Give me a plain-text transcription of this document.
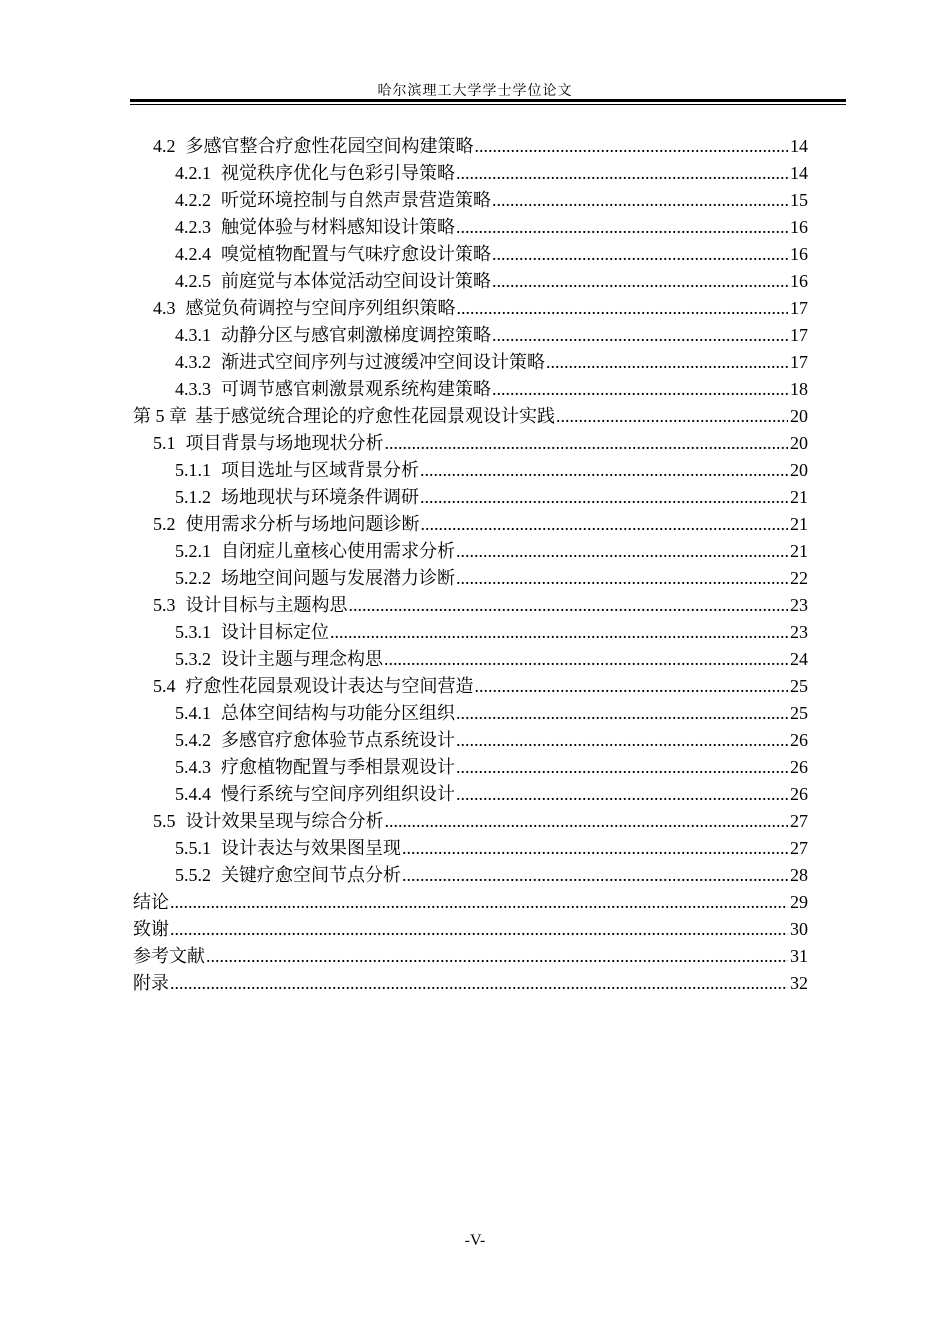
哈尔滨理工大学学士学位论文
4.2 多感官整合疗愈性花园空间构建策略 .....	14
4.2.1 视觉秩序优化与色彩引导策略 .....	14
4.2.2 听觉环境控制与自然声景营造策略 .....	15
4.2.3 触觉体验与材料感知设计策略 .....	16
4.2.4 嗅觉植物配置与气味疗愈设计策略 .....	16
4.2.5 前庭觉与本体觉活动空间设计策略 .....	16
4.3 感觉负荷调控与空间序列组织策略 .....	17
4.3.1 动静分区与感官刺激梯度调控策略 .....	17
4.3.2 渐进式空间序列与过渡缓冲空间设计策略 .....	17
4.3.3 可调节感官刺激景观系统构建策略 .....	18
第 5 章 基于感觉统合理论的疗愈性花园景观设计实践 .....	20
5.1 项目背景与场地现状分析 .....	20
5.1.1 项目选址与区域背景分析 .....	20
5.1.2 场地现状与环境条件调研 .....	21
5.2 使用需求分析与场地问题诊断 .....	21
5.2.1 自闭症儿童核心使用需求分析 .....	21
5.2.2 场地空间问题与发展潜力诊断 .....	22
5.3 设计目标与主题构思 .....	23
5.3.1 设计目标定位 .....	23
5.3.2 设计主题与理念构思 .....	24
5.4 疗愈性花园景观设计表达与空间营造 .....	25
5.4.1 总体空间结构与功能分区组织 .....	25
5.4.2 多感官疗愈体验节点系统设计 .....	26
5.4.3 疗愈植物配置与季相景观设计 .....	26
5.4.4 慢行系统与空间序列组织设计 .....	26
5.5 设计效果呈现与综合分析 .....	27
5.5.1 设计表达与效果图呈现 .....	27
5.5.2 关键疗愈空间节点分析 .....	28
结论 .....	29
致谢 .....	30
参考文献 .....	31
附录 .....	32
-V-
